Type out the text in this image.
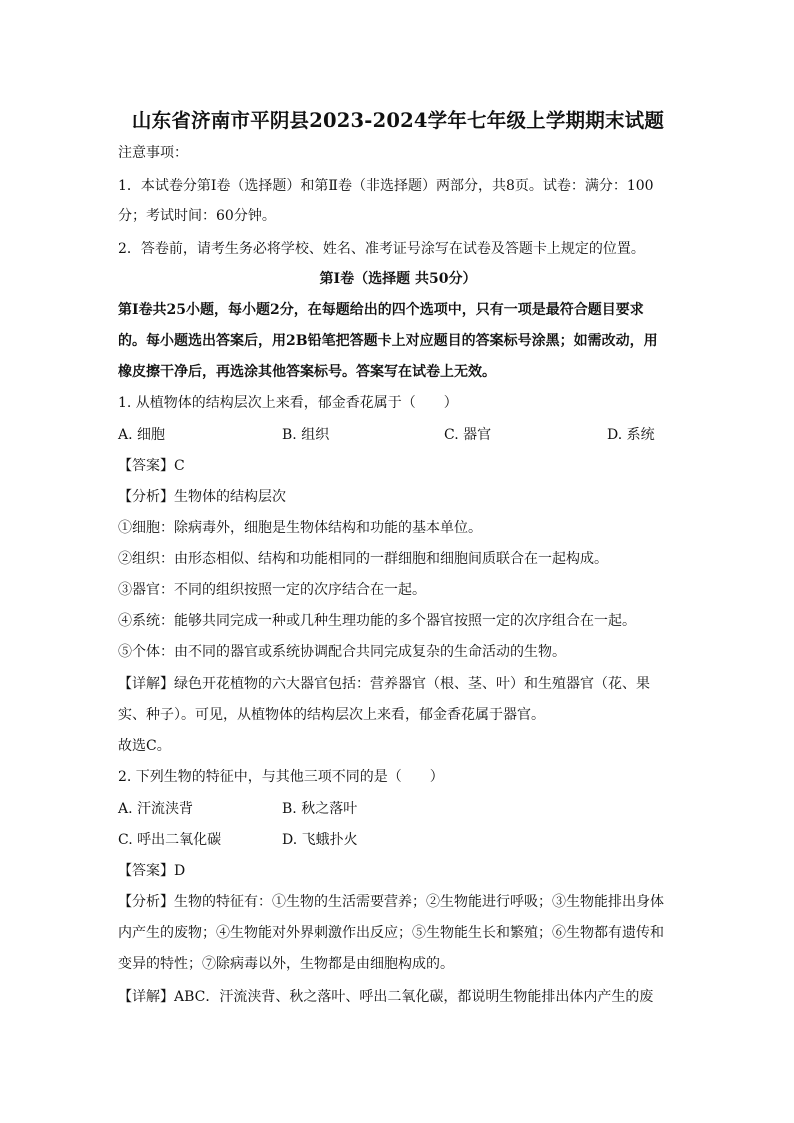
山东省济南市平阴县2023-2024学年七年级上学期期末试题
注意事项：
1．本试卷分第Ⅰ卷（选择题）和第Ⅱ卷（非选择题）两部分，共8页。试卷：满分：100
分；考试时间：60分钟。
2．答卷前，请考生务必将学校、姓名、准考证号涂写在试卷及答题卡上规定的位置。
第Ⅰ卷（选择题 共50分）
第Ⅰ卷共25小题，每小题2分，在每题给出的四个选项中，只有一项是最符合题目要求
的。每小题选出答案后，用2B铅笔把答题卡上对应题目的答案标号涂黑；如需改动，用
橡皮擦干净后，再选涂其他答案标号。答案写在试卷上无效。
1. 从植物体的结构层次上来看，郁金香花属于（　　）
A. 细胞	B. 组织	C. 器官	D. 系统
【答案】C
【分析】生物体的结构层次
①细胞：除病毒外，细胞是生物体结构和功能的基本单位。
②组织：由形态相似、结构和功能相同的一群细胞和细胞间质联合在一起构成。
③器官：不同的组织按照一定的次序结合在一起。
④系统：能够共同完成一种或几种生理功能的多个器官按照一定的次序组合在一起。
⑤个体：由不同的器官或系统协调配合共同完成复杂的生命活动的生物。
【详解】绿色开花植物的六大器官包括：营养器官（根、茎、叶）和生殖器官（花、果
实、种子）。可见，从植物体的结构层次上来看，郁金香花属于器官。
故选C。
2. 下列生物的特征中，与其他三项不同的是（　　）
A. 汗流浃背	B. 秋之落叶
C. 呼出二氧化碳	D. 飞蛾扑火
【答案】D
【分析】生物的特征有：①生物的生活需要营养；②生物能进行呼吸；③生物能排出身体
内产生的废物；④生物能对外界刺激作出反应；⑤生物能生长和繁殖；⑥生物都有遗传和
变异的特性；⑦除病毒以外，生物都是由细胞构成的。
【详解】ABC．汗流浃背、秋之落叶、呼出二氧化碳，都说明生物能排出体内产生的废
